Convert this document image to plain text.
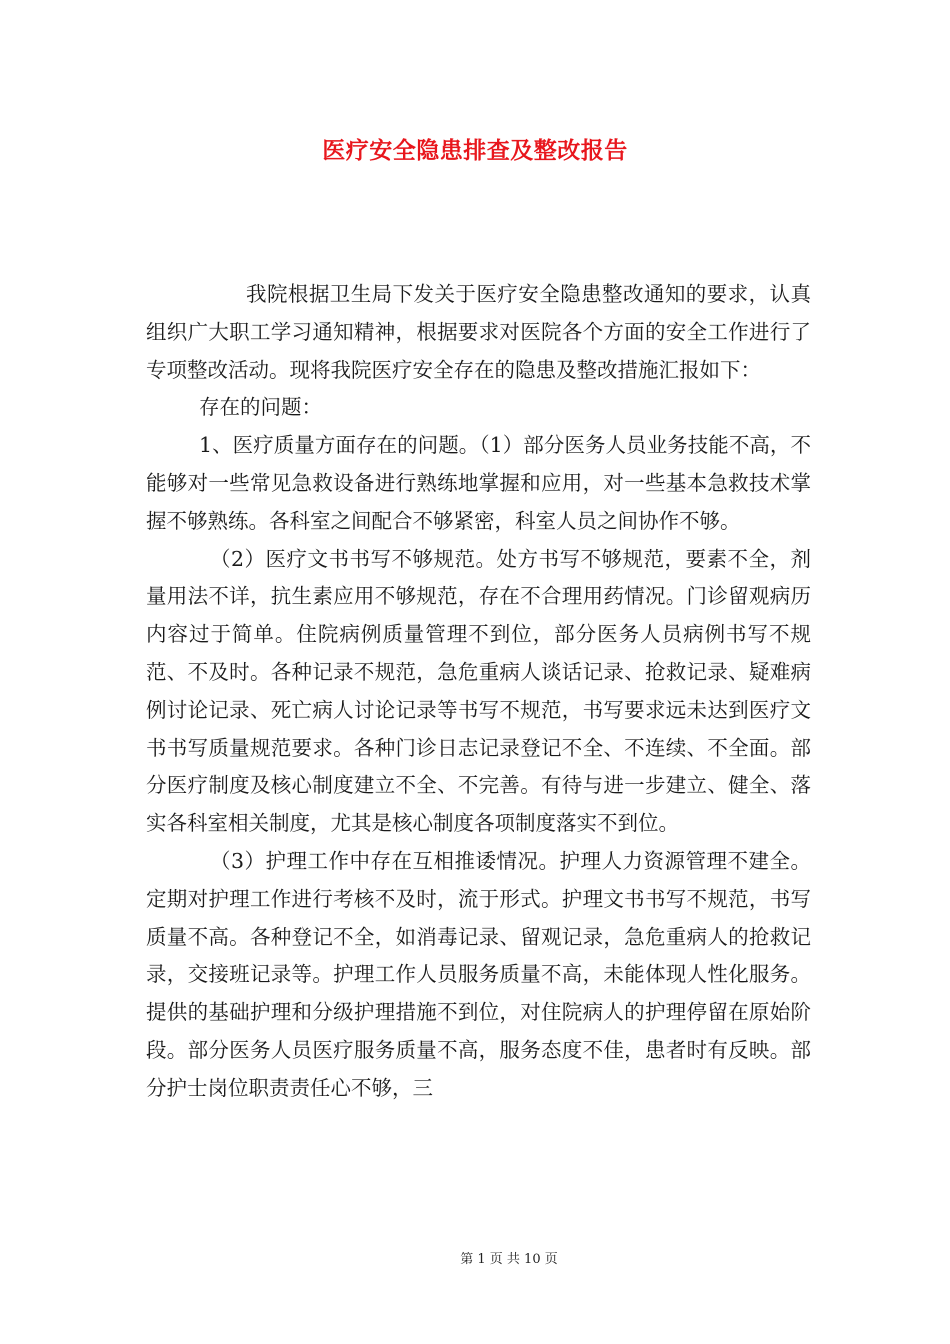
医疗安全隐患排查及整改报告

我院根据卫生局下发关于医疗安全隐患整改通知的要求，认真组织广大职工学习通知精神，根据要求对医院各个方面的安全工作进行了专项整改活动。现将我院医疗安全存在的隐患及整改措施汇报如下：

存在的问题：

1、医疗质量方面存在的问题。（1）部分医务人员业务技能不高，不能够对一些常见急救设备进行熟练地掌握和应用，对一些基本急救技术掌握不够熟练。各科室之间配合不够紧密，科室人员之间协作不够。

（2）医疗文书书写不够规范。处方书写不够规范，要素不全，剂量用法不详，抗生素应用不够规范，存在不合理用药情况。门诊留观病历内容过于简单。住院病例质量管理不到位，部分医务人员病例书写不规范、不及时。各种记录不规范，急危重病人谈话记录、抢救记录、疑难病例讨论记录、死亡病人讨论记录等书写不规范，书写要求远未达到医疗文书书写质量规范要求。各种门诊日志记录登记不全、不连续、不全面。部分医疗制度及核心制度建立不全、不完善。有待与进一步建立、健全、落实各科室相关制度，尤其是核心制度各项制度落实不到位。

（3）护理工作中存在互相推诿情况。护理人力资源管理不建全。定期对护理工作进行考核不及时，流于形式。护理文书书写不规范，书写质量不高。各种登记不全，如消毒记录、留观记录，急危重病人的抢救记录，交接班记录等。护理工作人员服务质量不高，未能体现人性化服务。提供的基础护理和分级护理措施不到位，对住院病人的护理停留在原始阶段。部分医务人员医疗服务质量不高，服务态度不佳，患者时有反映。部分护士岗位职责责任心不够，三

第 1 页 共 10 页
